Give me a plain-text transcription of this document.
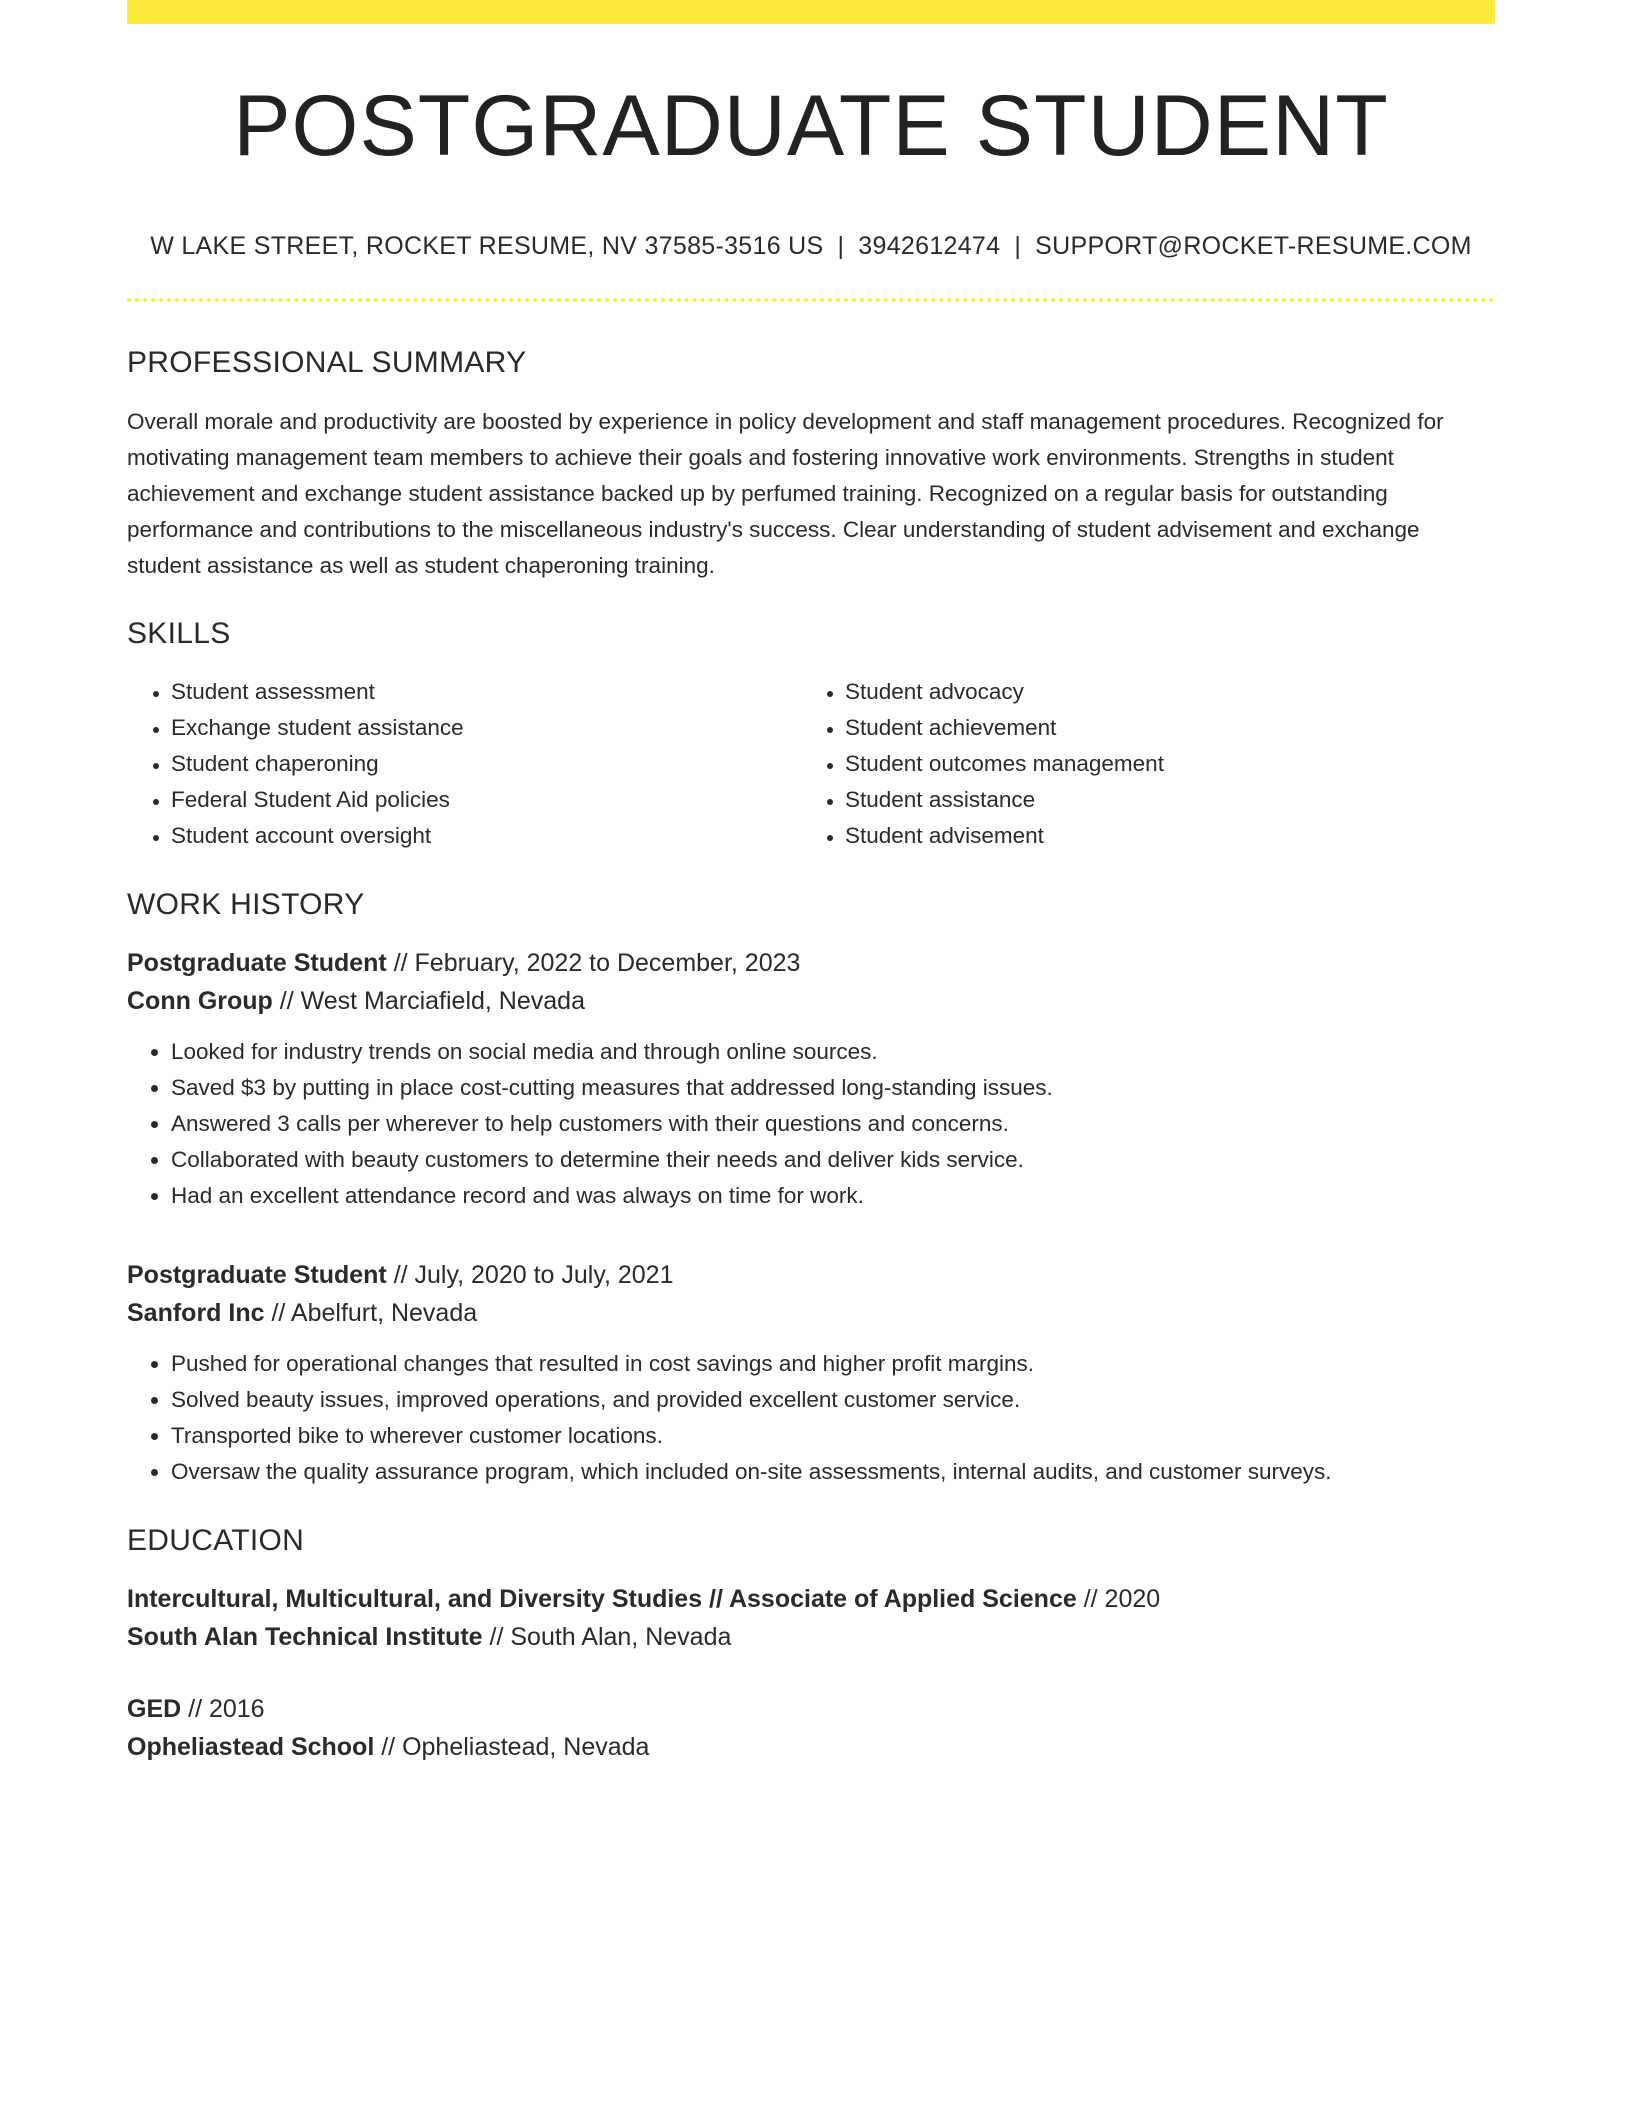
POSTGRADUATE STUDENT
W LAKE STREET, ROCKET RESUME, NV 37585-3516 US | 3942612474 | SUPPORT@ROCKET-RESUME.COM
PROFESSIONAL SUMMARY
Overall morale and productivity are boosted by experience in policy development and staff management procedures. Recognized for motivating management team members to achieve their goals and fostering innovative work environments. Strengths in student achievement and exchange student assistance backed up by perfumed training. Recognized on a regular basis for outstanding performance and contributions to the miscellaneous industry's success. Clear understanding of student advisement and exchange student assistance as well as student chaperoning training.
SKILLS
• Student assessment
• Exchange student assistance
• Student chaperoning
• Federal Student Aid policies
• Student account oversight
• Student advocacy
• Student achievement
• Student outcomes management
• Student assistance
• Student advisement
WORK HISTORY
Postgraduate Student // February, 2022 to December, 2023
Conn Group // West Marciafield, Nevada
• Looked for industry trends on social media and through online sources.
• Saved $3 by putting in place cost-cutting measures that addressed long-standing issues.
• Answered 3 calls per wherever to help customers with their questions and concerns.
• Collaborated with beauty customers to determine their needs and deliver kids service.
• Had an excellent attendance record and was always on time for work.
Postgraduate Student // July, 2020 to July, 2021
Sanford Inc // Abelfurt, Nevada
• Pushed for operational changes that resulted in cost savings and higher profit margins.
• Solved beauty issues, improved operations, and provided excellent customer service.
• Transported bike to wherever customer locations.
• Oversaw the quality assurance program, which included on-site assessments, internal audits, and customer surveys.
EDUCATION
Intercultural, Multicultural, and Diversity Studies // Associate of Applied Science // 2020
South Alan Technical Institute // South Alan, Nevada
GED // 2016
Opheliastead School // Opheliastead, Nevada
